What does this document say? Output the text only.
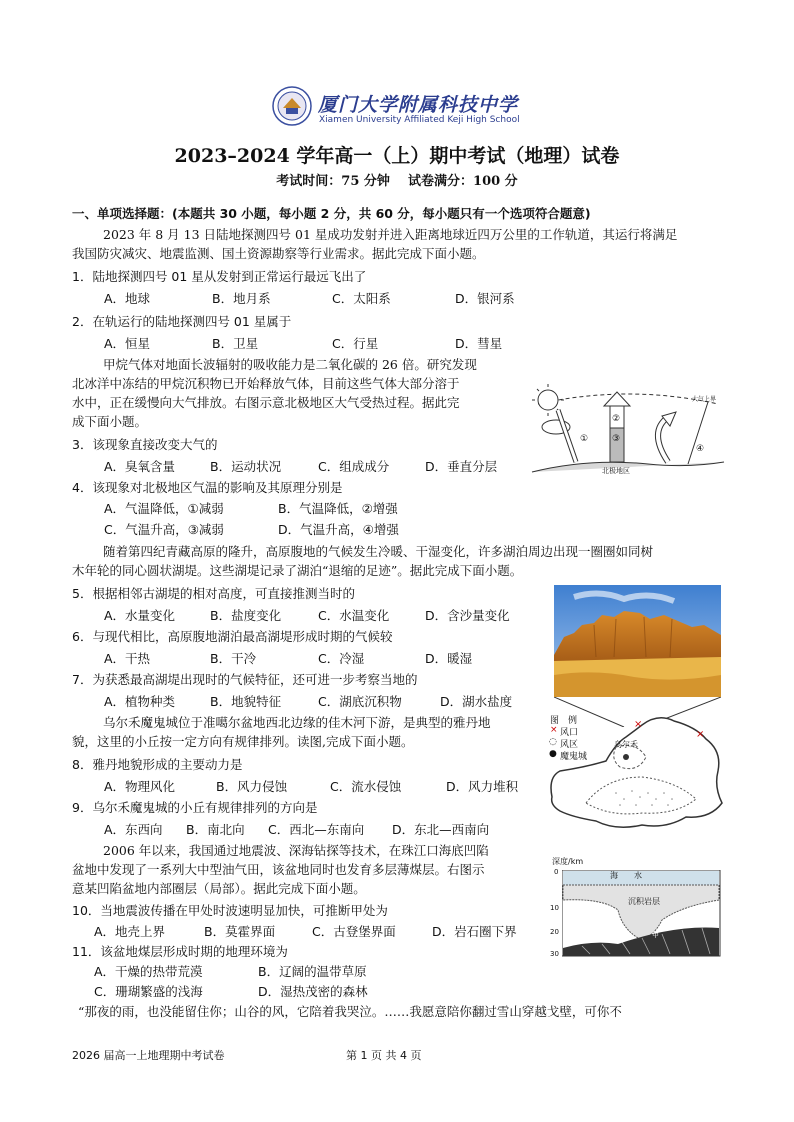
厦门大学附属科技中学
Xiamen University Affiliated Keji High School
2023–2024 学年高一（上）期中考试（地理）试卷
考试时间：75 分钟    试卷满分：100 分
一、单项选择题：(本题共 30 小题，每小题 2 分，共 60 分，每小题只有一个选项符合题意)
2023 年 8 月 13 日陆地探测四号 01 星成功发射并进入距离地球近四万公里的工作轨道，其运行将满足
我国防灾减灾、地震监测、国土资源勘察等行业需求。据此完成下面小题。
1．陆地探测四号 01 星从发射到正常运行最远飞出了
A．地球	B．地月系	C．太阳系	D．银河系
2．在轨运行的陆地探测四号 01 星属于
A．恒星	B．卫星	C．行星	D．彗星
甲烷气体对地面长波辐射的吸收能力是二氧化碳的 26 倍。研究发现
北冰洋中冻结的甲烷沉积物已开始释放气体，目前这些气体大部分溶于
水中，正在缓慢向大气排放。右图示意北极地区大气受热过程。据此完
成下面小题。
北极地区
大气上界
①
②
③
④
3．该现象直接改变大气的
A．臭氧含量	B．运动状况	C．组成成分	D．垂直分层
4．该现象对北极地区气温的影响及其原理分别是
A．气温降低，①减弱	B．气温降低，②增强
C．气温升高，③减弱	D．气温升高，④增强
随着第四纪青藏高原的隆升，高原腹地的气候发生冷暖、干湿变化，许多湖泊周边出现一圈圈如同树
木年轮的同心圆状湖堤。这些湖堤记录了湖泊“退缩的足迹”。据此完成下面小题。
5．根据相邻古湖堤的相对高度，可直接推测当时的
A．水量变化	B．盐度变化	C．水温变化	D．含沙量变化
6．与现代相比，高原腹地湖泊最高湖堤形成时期的气候较
A．干热	B．干冷	C．冷湿	D．暖湿
7．为获悉最高湖堤出现时的气候特征，还可进一步考察当地的
A．植物种类	B．地貌特征	C．湖底沉积物	D．湖水盐度
乌尔禾魔鬼城位于准噶尔盆地西北边缘的佳木河下游，是典型的雅丹地
貌，这里的小丘按一定方向有规律排列。读图,完成下面小题。
×
×
图　例
× 风口
◌ 风区
● 魔鬼城
乌尔禾
8．雅丹地貌形成的主要动力是
A．物理风化	B．风力侵蚀	C．流水侵蚀	D．风力堆积
9．乌尔禾魔鬼城的小丘有规律排列的方向是
A．东西向 B．南北向 C．西北—东南向 D．东北—西南向
2006 年以来，我国通过地震波、深海钻探等技术，在珠江口海底凹陷
盆地中发现了一系列大中型油气田，该盆地同时也发育多层薄煤层。右图示
意某凹陷盆地内部圈层（局部）。据此完成下面小题。
深度/km
0
10
20
30
海　　水
沉积岩层
甲
10．当地震波传播在甲处时波速明显加快，可推断甲处为
A．地壳上界	B．莫霍界面	C．古登堡界面	D．岩石圈下界
11．该盆地煤层形成时期的地理环境为
A．干燥的热带荒漠	B．辽阔的温带草原
C．珊瑚繁盛的浅海	D．湿热茂密的森林
“那夜的雨，也没能留住你；山谷的风，它陪着我哭泣。……我愿意陪你翻过雪山穿越戈壁，可你不
2026 届高一上地理期中考试卷	第 1 页 共 4 页
